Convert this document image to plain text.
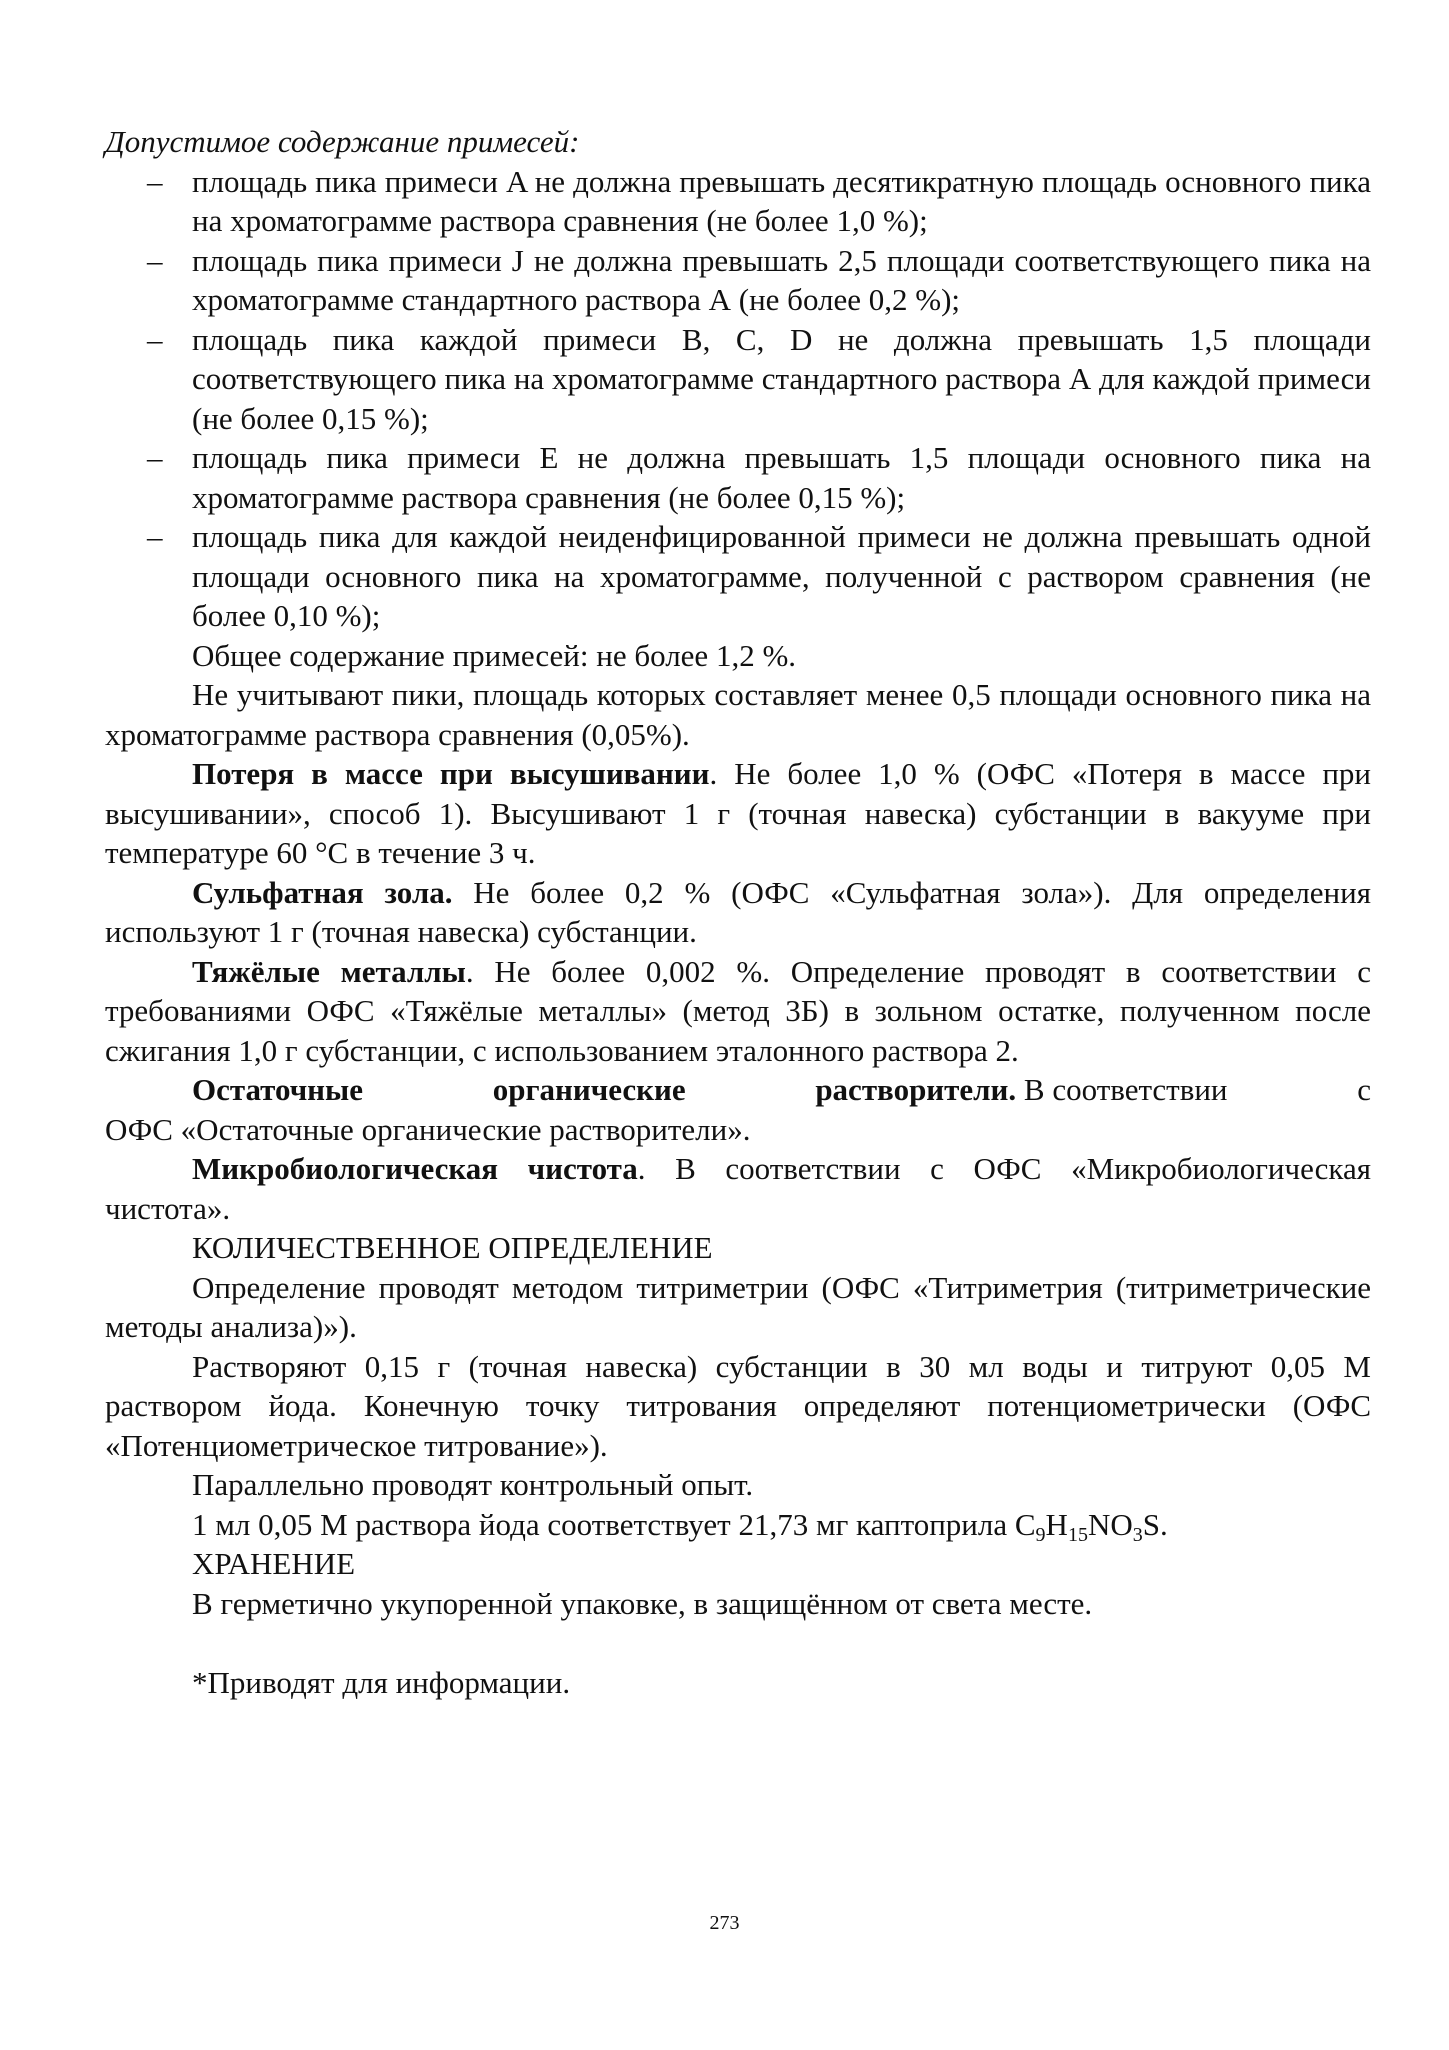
Допустимое содержание примесей:

– площадь пика примеси A не должна превышать десятикратную площадь основного пика на хроматограмме раствора сравнения (не более 1,0 %);
– площадь пика примеси J не должна превышать 2,5 площади соответствующего пика на хроматограмме стандартного раствора А (не более 0,2 %);
– площадь пика каждой примеси B, C, D не должна превышать 1,5 площади соответствующего пика на хроматограмме стандартного раствора А для каждой примеси (не более 0,15 %);
– площадь пика примеси Е не должна превышать 1,5 площади основного пика на хроматограмме раствора сравнения (не более 0,15 %);
– площадь пика для каждой неиденфицированной примеси не должна превышать одной площади основного пика на хроматограмме, полученной с раствором сравнения (не более 0,10 %);

Общее содержание примесей: не более 1,2 %.

Не учитывают пики, площадь которых составляет менее 0,5 площади основного пика на хроматограмме раствора сравнения (0,05%).

Потеря в массе при высушивании. Не более 1,0 % (ОФС «Потеря в массе при высушивании», способ 1). Высушивают 1 г (точная навеска) субстанции в вакууме при температуре 60 °C в течение 3 ч.

Сульфатная зола. Не более 0,2 % (ОФС «Сульфатная зола»). Для определения используют 1 г (точная навеска) субстанции.

Тяжёлые металлы. Не более 0,002 %. Определение проводят в соответствии с требованиями ОФС «Тяжёлые металлы» (метод 3Б) в зольном остатке, полученном после сжигания 1,0 г субстанции, с использованием эталонного раствора 2.

Остаточные	органические	растворители. В соответствии	с

ОФС «Остаточные органические растворители».

Микробиологическая чистота. В соответствии с ОФС «Микробиологическая чистота».

КОЛИЧЕСТВЕННОЕ ОПРЕДЕЛЕНИЕ

Определение проводят методом титриметрии (ОФС «Титриметрия (титриметрические методы анализа)»).

Растворяют 0,15 г (точная навеска) субстанции в 30 мл воды и титруют 0,05 М раствором йода. Конечную точку титрования определяют потенциометрически (ОФС «Потенциометрическое титрование»).

Параллельно проводят контрольный опыт.

1 мл 0,05 М раствора йода соответствует 21,73 мг каптоприла $C_9H_{15}NO_3S$.

ХРАНЕНИЕ

В герметично укупоренной упаковке, в защищённом от света месте.

*Приводят для информации.

273
